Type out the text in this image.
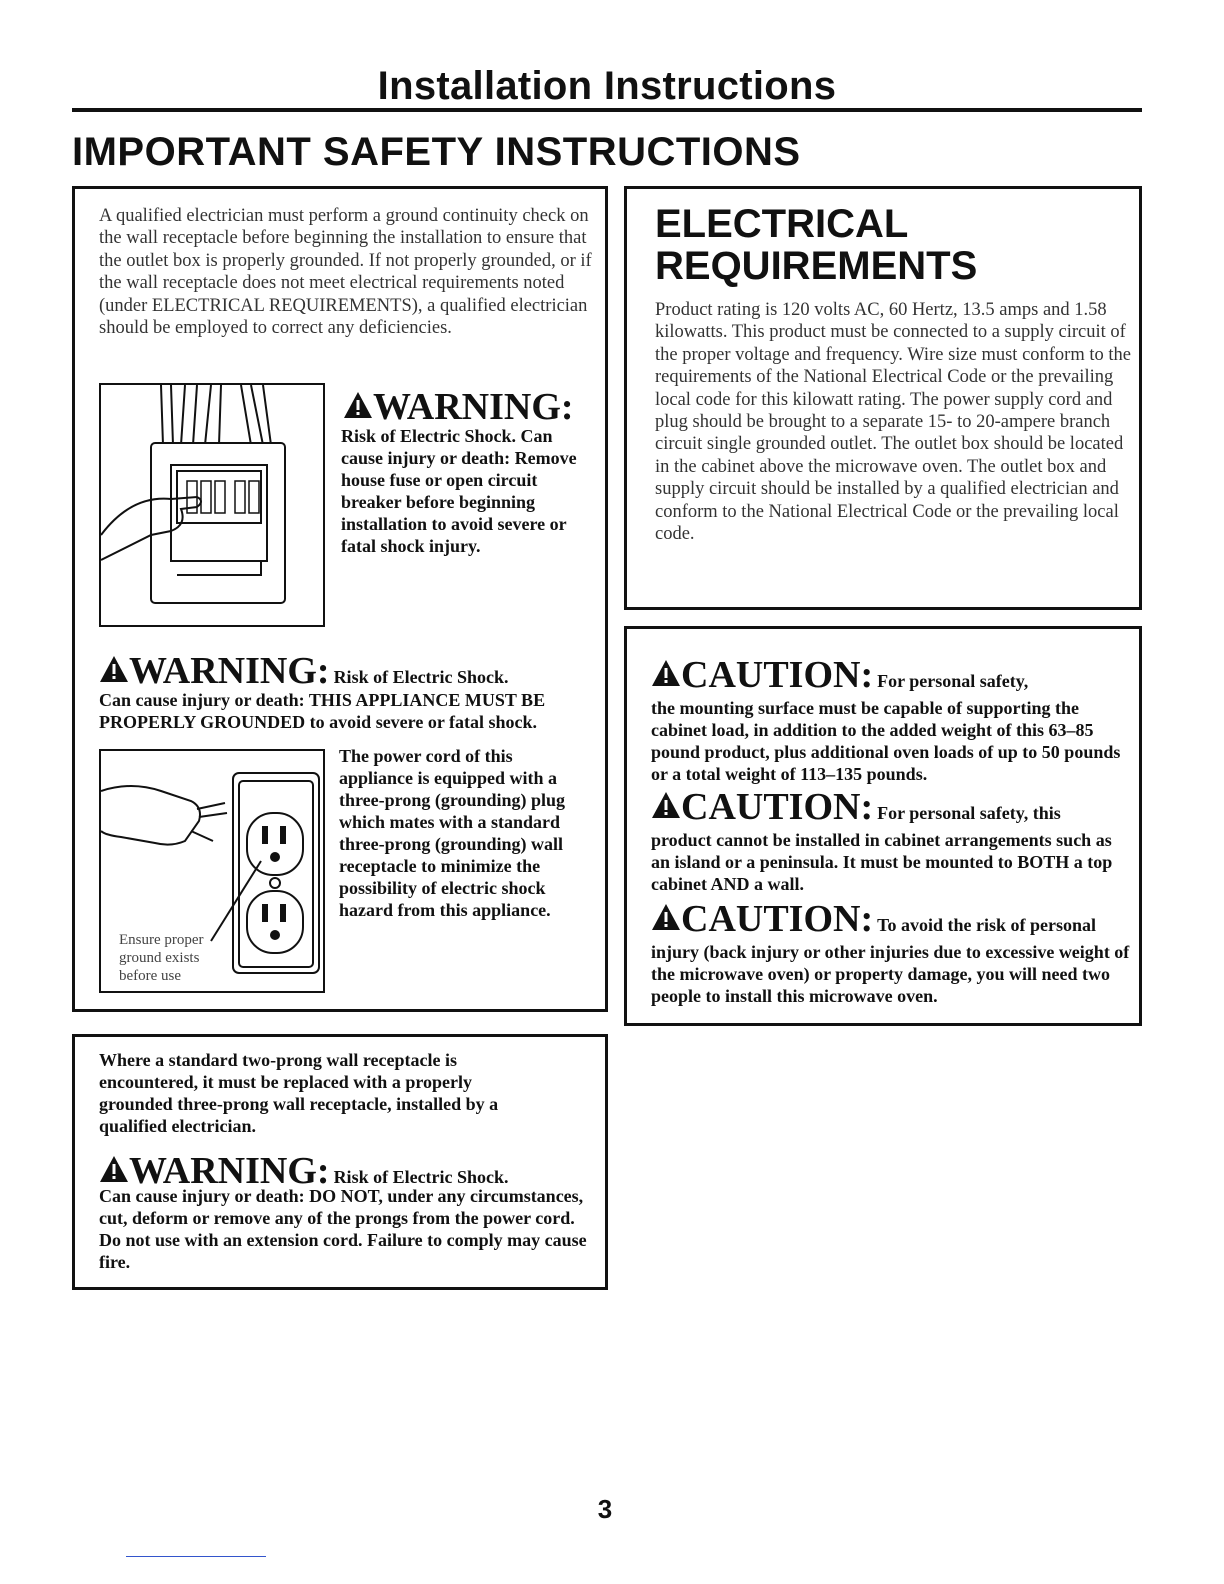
Installation Instructions
IMPORTANT SAFETY INSTRUCTIONS
A qualified electrician must perform a ground continuity check on the wall receptacle before beginning the installation to ensure that the outlet box is properly grounded. If not properly grounded, or if the wall receptacle does not meet electrical requirements noted (under ELECTRICAL REQUIREMENTS), a qualified electrician should be employed to correct any deficiencies.
WARNING:
Risk of Electric Shock. Can cause injury or death: Remove house fuse or open circuit breaker before beginning installation to avoid severe or fatal shock injury.
WARNING: Risk of Electric Shock.
Can cause injury or death: THIS APPLIANCE MUST BE PROPERLY GROUNDED to avoid severe or fatal shock.
Ensure proper
ground exists
before use
The power cord of this appliance is equipped with a three-prong (grounding) plug which mates with a standard three-prong (grounding) wall receptacle to minimize the possibility of electric shock hazard from this appliance.
ELECTRICAL
REQUIREMENTS
Product rating is 120 volts AC, 60 Hertz, 13.5 amps and 1.58 kilowatts. This product must be connected to a supply circuit of the proper voltage and frequency. Wire size must conform to the requirements of the National Electrical Code or the prevailing local code for this kilowatt rating. The power supply cord and plug should be brought to a separate 15- to 20-ampere branch circuit single grounded outlet. The outlet box should be located in the cabinet above the microwave oven. The outlet box and supply circuit should be installed by a qualified electrician and conform to the National Electrical Code or the prevailing local code.
CAUTION: For personal safety,
the mounting surface must be capable of supporting the cabinet load, in addition to the added weight of this 63–85 pound product, plus additional oven loads of up to 50 pounds or a total weight of 113–135 pounds.
CAUTION: For personal safety, this
product cannot be installed in cabinet arrangements such as an island or a peninsula. It must be mounted to BOTH a top cabinet AND a wall.
CAUTION: To avoid the risk of personal
injury (back injury or other injuries due to excessive weight of the microwave oven) or property damage, you will need two people to install this microwave oven.
Where a standard two-prong wall receptacle is encountered, it must be replaced with a properly grounded three-prong wall receptacle, installed by a qualified electrician.
WARNING: Risk of Electric Shock.
Can cause injury or death: DO NOT, under any circumstances, cut, deform or remove any of the prongs from the power cord. Do not use with an extension cord. Failure to comply may cause fire.
3
